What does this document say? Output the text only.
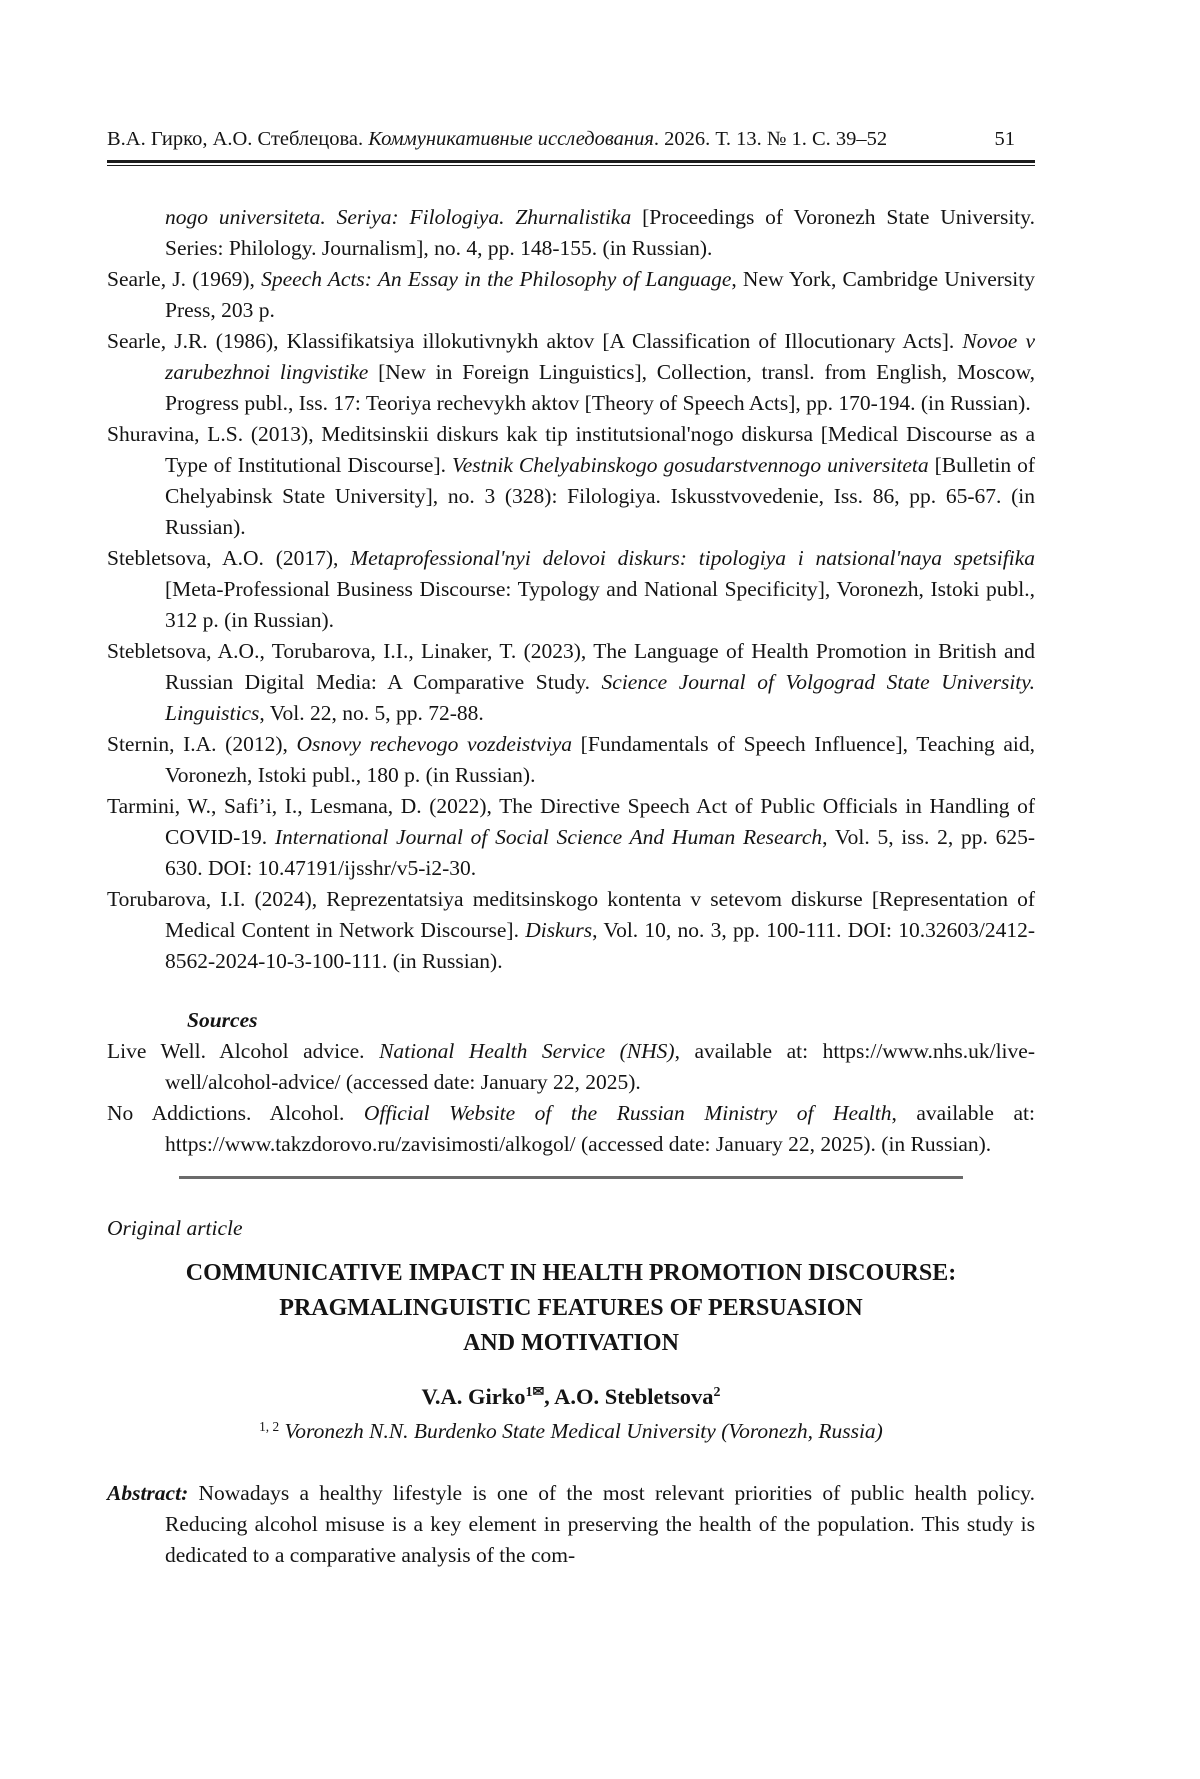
В.А. Гирко, А.О. Стеблецова. Коммуникативные исследования. 2026. Т. 13. № 1. С. 39–52	51

nogo universiteta. Seriya: Filologiya. Zhurnalistika [Proceedings of Voronezh State University. Series: Philology. Journalism], no. 4, pp. 148-155. (in Russian).

Searle, J. (1969), Speech Acts: An Essay in the Philosophy of Language, New York, Cambridge University Press, 203 p.

Searle, J.R. (1986), Klassifikatsiya illokutivnykh aktov [A Classification of Illocutionary Acts]. Novoe v zarubezhnoi lingvistike [New in Foreign Linguistics], Collection, transl. from English, Moscow, Progress publ., Iss. 17: Teoriya rechevykh aktov [Theory of Speech Acts], pp. 170-194. (in Russian).

Shuravina, L.S. (2013), Meditsinskii diskurs kak tip institutsional'nogo diskursa [Medical Discourse as a Type of Institutional Discourse]. Vestnik Chelyabinskogo gosudarstvennogo universiteta [Bulletin of Chelyabinsk State University], no. 3 (328): Filologiya. Iskusstvovedenie, Iss. 86, pp. 65-67. (in Russian).

Stebletsova, A.O. (2017), Metaprofessional'nyi delovoi diskurs: tipologiya i natsional'naya spetsifika [Meta-Professional Business Discourse: Typology and National Specificity], Voronezh, Istoki publ., 312 p. (in Russian).

Stebletsova, A.O., Torubarova, I.I., Linaker, T. (2023), The Language of Health Promotion in British and Russian Digital Media: A Comparative Study. Science Journal of Volgograd State University. Linguistics, Vol. 22, no. 5, pp. 72-88.

Sternin, I.A. (2012), Osnovy rechevogo vozdeistviya [Fundamentals of Speech Influence], Teaching aid, Voronezh, Istoki publ., 180 p. (in Russian).

Tarmini, W., Safi’i, I., Lesmana, D. (2022), The Directive Speech Act of Public Officials in Handling of COVID-19. International Journal of Social Science And Human Research, Vol. 5, iss. 2, pp. 625-630. DOI: 10.47191/ijsshr/v5-i2-30.

Torubarova, I.I. (2024), Reprezentatsiya meditsinskogo kontenta v setevom diskurse [Representation of Medical Content in Network Discourse]. Diskurs, Vol. 10, no. 3, pp. 100-111. DOI: 10.32603/2412-8562-2024-10-3-100-111. (in Russian).

Sources

Live Well. Alcohol advice. National Health Service (NHS), available at: https://www.nhs.uk/live-well/alcohol-advice/ (accessed date: January 22, 2025).

No Addictions. Alcohol. Official Website of the Russian Ministry of Health, available at: https://www.takzdorovo.ru/zavisimosti/alkogol/ (accessed date: January 22, 2025). (in Russian).

Original article

COMMUNICATIVE IMPACT IN HEALTH PROMOTION DISCOURSE:
PRAGMALINGUISTIC FEATURES OF PERSUASION
AND MOTIVATION

V.A. Girko$^{1✉}$, A.O. Stebletsova$^2$

$^{1, 2}$ Voronezh N.N. Burdenko State Medical University (Voronezh, Russia)

Abstract: Nowadays a healthy lifestyle is one of the most relevant priorities of public health policy. Reducing alcohol misuse is a key element in preserving the health of the population. This study is dedicated to a comparative analysis of the com-
